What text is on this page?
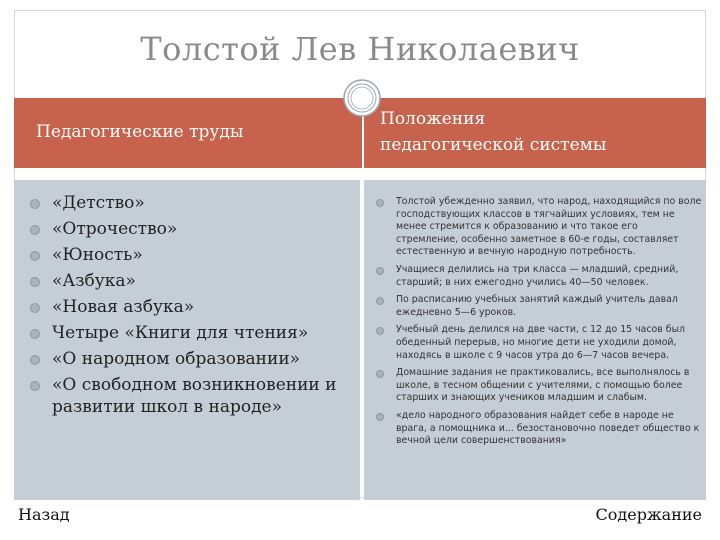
Толстой Лев Николаевич
Педагогические труды
Положения
педагогической системы
«Детство»
«Отрочество»
«Юность»
«Азбука»
«Новая азбука»
Четыре «Книги для чтения»
«О народном образовании»
«О свободном возникновении и развитии школ в народе»
Толстой убежденно заявил, что народ, находящийся по воле господствующих классов в тягчайших условиях, тем не менее стремится к образованию и что такое его стремление, особенно заметное в 60-е годы, составляет естественную и вечную народную потребность.
Учащиеся делились на три класса — младший, средний, старший; в них ежегодно учились 40—50 человек.
По расписанию учебных занятий каждый учитель давал ежедневно 5—6 уроков.
Учебный день делился на две части, с 12 до 15 часов был обеденный перерыв, но многие дети не уходили домой, находясь в школе с 9 часов утра до 6—7 часов вечера.
Домашние задания не практиковались, все выполнялось в школе, в тесном общении с учителями, с помощью более старших и знающих учеников младшим и слабым.
«дело народного образования найдет себе в народе не врага, а помощника и... безостановочно поведет общество к вечной цели совершенствования»
Назад	Содержание
